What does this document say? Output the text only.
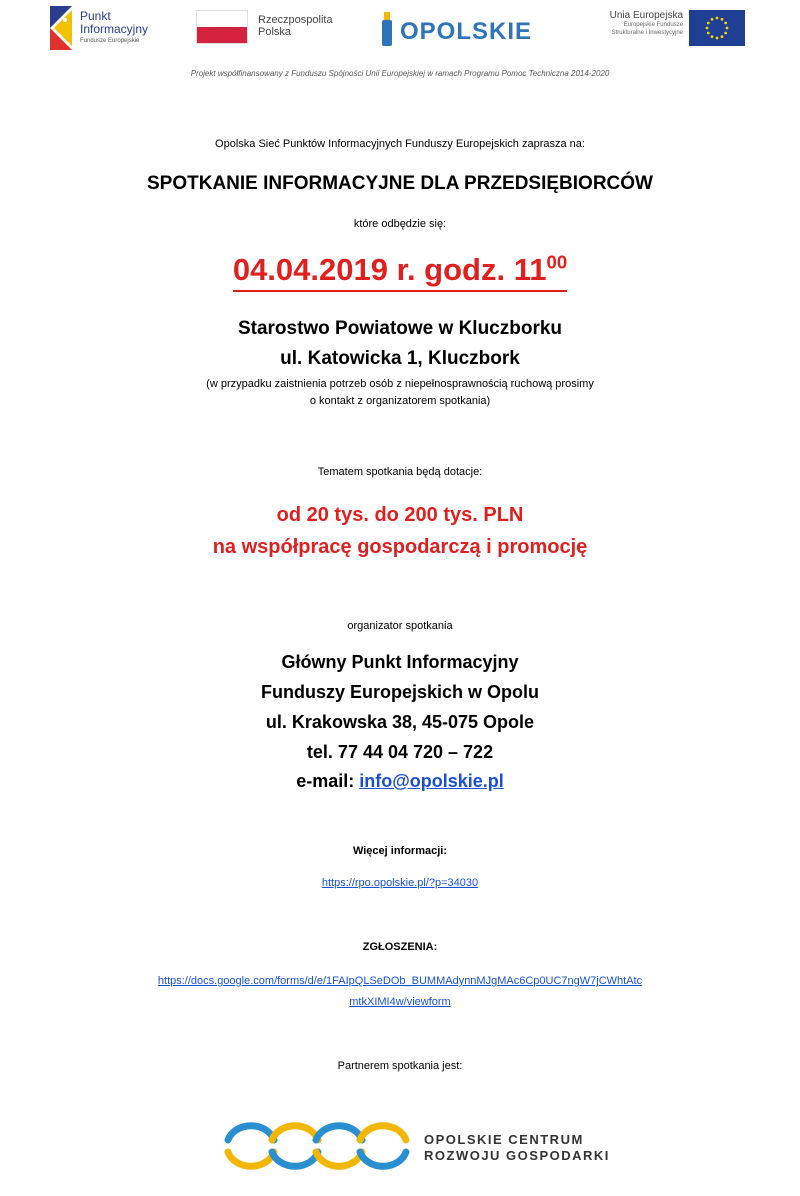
Punkt
Informacyjny
Fundusze Europejskie
Rzeczpospolita
Polska	OPOLSKIE
Unia Europejska
Europejskie Fundusze
Strukturalne i Inwestycyjne
Projekt współfinansowany z Funduszu Spójności Unii Europejskiej w ramach Programu Pomoc Techniczna 2014-2020
Opolska Sieć Punktów Informacyjnych Funduszy Europejskich zaprasza na:
SPOTKANIE INFORMACYJNE DLA PRZEDSIĘBIORCÓW
które odbędzie się:
04.04.2019 r. godz. $11^{00}$
Starostwo Powiatowe w Kluczborku
ul. Katowicka 1, Kluczbork
(w przypadku zaistnienia potrzeb osób z niepełnosprawnością ruchową prosimy
o kontakt z organizatorem spotkania)
Tematem spotkania będą dotacje:
od 20 tys. do 200 tys. PLN
na współpracę gospodarczą i promocję
organizator spotkania
Główny Punkt Informacyjny
Funduszy Europejskich w Opolu
ul. Krakowska 38, 45-075 Opole
tel. 77 44 04 720 – 722
e-mail: info@opolskie.pl
Więcej informacji:
https://rpo.opolskie.pl/?p=34030
ZGŁOSZENIA:
https://docs.google.com/forms/d/e/1FAIpQLSeDOb_BUMMAdynnMJgMAc6Cp0UC7ngW7jCWhtAtc
mtkXIMI4w/viewform
Partnerem spotkania jest:
OPOLSKIE CENTRUM
ROZWOJU GOSPODARKI
